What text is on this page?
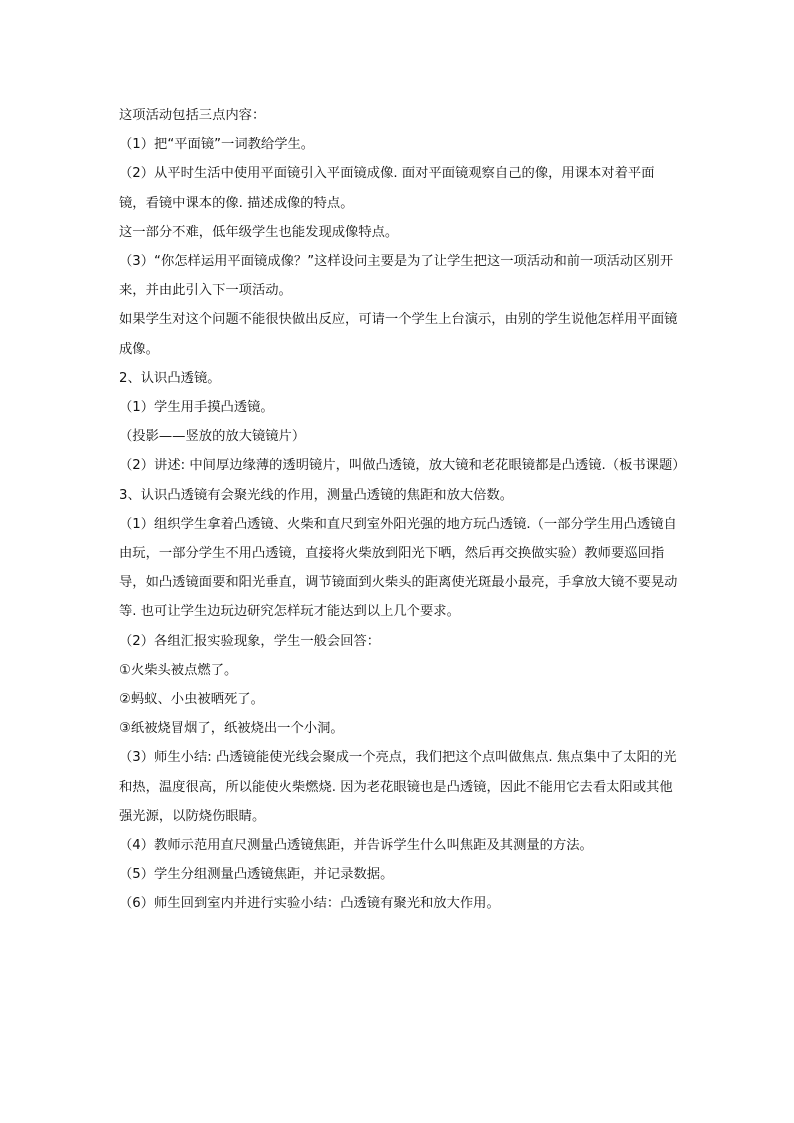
这项活动包括三点内容：

（1）把“平面镜”一词教给学生。

（2）从平时生活中使用平面镜引入平面镜成像. 面对平面镜观察自己的像，用课本对着平面镜，看镜中课本的像. 描述成像的特点。

这一部分不难，低年级学生也能发现成像特点。

（3）“你怎样运用平面镜成像？”这样设问主要是为了让学生把这一项活动和前一项活动区别开来，并由此引入下一项活动。

如果学生对这个问题不能很快做出反应，可请一个学生上台演示，由别的学生说他怎样用平面镜成像。

2、认识凸透镜。

（1）学生用手摸凸透镜。

（投影——竖放的放大镜镜片）

（2）讲述: 中间厚边缘薄的透明镜片，叫做凸透镜，放大镜和老花眼镜都是凸透镜.（板书课题）

3、认识凸透镜有会聚光线的作用，测量凸透镜的焦距和放大倍数。

（1）组织学生拿着凸透镜、火柴和直尺到室外阳光强的地方玩凸透镜.（一部分学生用凸透镜自由玩，一部分学生不用凸透镜，直接将火柴放到阳光下晒，然后再交换做实验）教师要巡回指导，如凸透镜面要和阳光垂直，调节镜面到火柴头的距离使光斑最小最亮，手拿放大镜不要晃动等. 也可让学生边玩边研究怎样玩才能达到以上几个要求。

（2）各组汇报实验现象，学生一般会回答：

①火柴头被点燃了。

②蚂蚁、小虫被晒死了。

③纸被烧冒烟了，纸被烧出一个小洞。

（3）师生小结: 凸透镜能使光线会聚成一个亮点，我们把这个点叫做焦点. 焦点集中了太阳的光和热，温度很高，所以能使火柴燃烧. 因为老花眼镜也是凸透镜，因此不能用它去看太阳或其他强光源，以防烧伤眼睛。

（4）教师示范用直尺测量凸透镜焦距，并告诉学生什么叫焦距及其测量的方法。

（5）学生分组测量凸透镜焦距，并记录数据。

（6）师生回到室内并进行实验小结：凸透镜有聚光和放大作用。
